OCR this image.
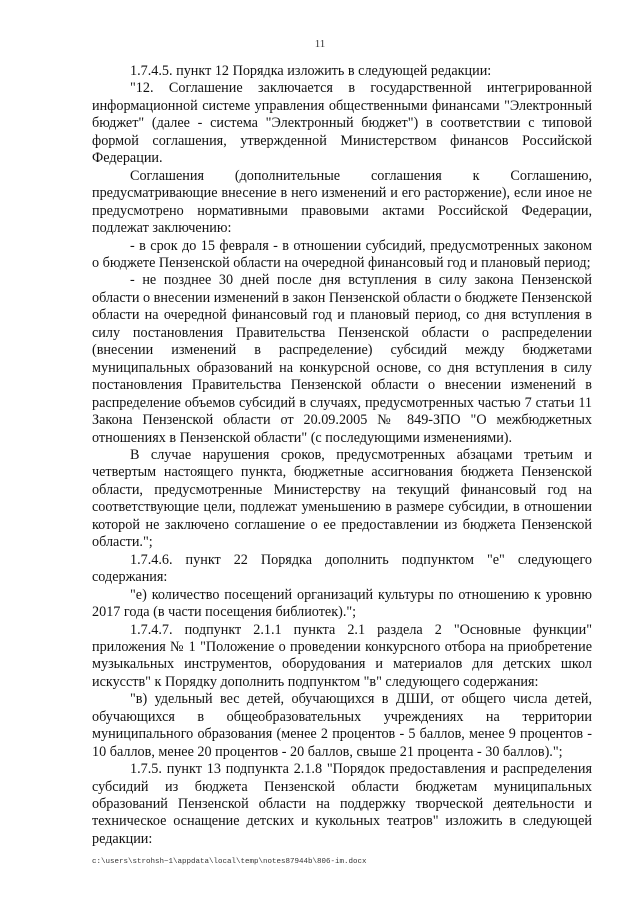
11

1.7.4.5. пункт 12 Порядка изложить в следующей редакции:

"12. Соглашение заключается в государственной интегрированной информационной системе управления общественными финансами "Электронный бюджет" (далее - система "Электронный бюджет") в соответствии с типовой формой соглашения, утвержденной Министерством финансов Российской Федерации.

Соглашения (дополнительные соглашения к Соглашению, предусматривающие внесение в него изменений и его расторжение), если иное не предусмотрено нормативными правовыми актами Российской Федерации, подлежат заключению:

- в срок до 15 февраля - в отношении субсидий, предусмотренных законом о бюджете Пензенской области на очередной финансовый год и плановый период;

- не позднее 30 дней после дня вступления в силу закона Пензенской области о внесении изменений в закон Пензенской области о бюджете Пензенской области на очередной финансовый год и плановый период, со дня вступления в силу постановления Правительства Пензенской области о распределении (внесении изменений в распределение) субсидий между бюджетами муниципальных образований на конкурсной основе, со дня вступления в силу постановления Правительства Пензенской области о внесении изменений в распределение объемов субсидий в случаях, предусмотренных частью 7 статьи 11 Закона Пензенской области от 20.09.2005 № 849-ЗПО "О межбюджетных отношениях в Пензенской области" (с последующими изменениями).

В случае нарушения сроков, предусмотренных абзацами третьим и четвертым настоящего пункта, бюджетные ассигнования бюджета Пензенской области, предусмотренные Министерству на текущий финансовый год на соответствующие цели, подлежат уменьшению в размере субсидии, в отношении которой не заключено соглашение о ее предоставлении из бюджета Пензенской области.";

1.7.4.6. пункт 22 Порядка дополнить подпунктом "е" следующего содержания:

"е) количество посещений организаций культуры по отношению к уровню 2017 года (в части посещения библиотек).";

1.7.4.7. подпункт 2.1.1 пункта 2.1 раздела 2 "Основные функции" приложения № 1 "Положение о проведении конкурсного отбора на приобретение музыкальных инструментов, оборудования и материалов для детских школ искусств" к Порядку дополнить подпунктом "в" следующего содержания:

"в) удельный вес детей, обучающихся в ДШИ, от общего числа детей, обучающихся в общеобразовательных учреждениях на территории муниципального образования (менее 2 процентов - 5 баллов, менее 9 процентов - 10 баллов, менее 20 процентов - 20 баллов, свыше 21 процента - 30 баллов).";

1.7.5. пункт 13 подпункта 2.1.8 "Порядок предоставления и распределения субсидий из бюджета Пензенской области бюджетам муниципальных образований Пензенской области на поддержку творческой деятельности и техническое оснащение детских и кукольных театров" изложить в следующей редакции:

c:\users\strohsh~1\appdata\local\temp\notes87944b\806-im.docx
